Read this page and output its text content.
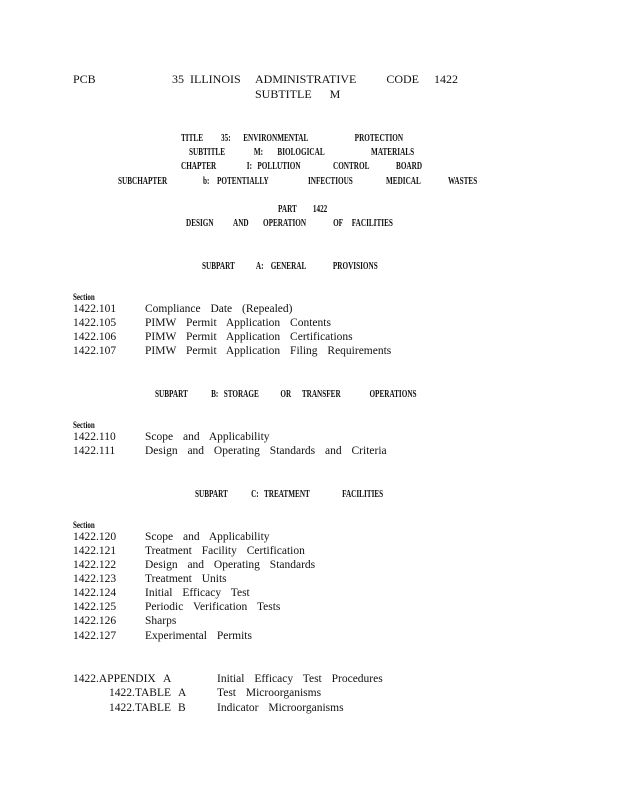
PCB	35  ILLINOIS     ADMINISTRATIVE          CODE     1422
SUBTITLE      M
TITLE          35:       ENVIRONMENTAL                          PROTECTION
SUBTITLE                M:        BIOLOGICAL                          MATERIALS
CHAPTER                 I:   POLLUTION                  CONTROL               BOARD
SUBCHAPTER	b: POTENTIALLY	INFECTIOUS	MEDICAL	WASTES
PART         1422
DESIGN           AND        OPERATION               OF     FACILITIES
SUBPART            A:    GENERAL               PROVISIONS
Section
1422.101	Compliance Date (Repealed)
1422.105	PIMW Permit Application Contents
1422.106	PIMW Permit Application Certifications
1422.107	PIMW Permit Application Filing Requirements
SUBPART             B:   STORAGE            OR      TRANSFER                OPERATIONS
Section
1422.110	Scope and Applicability
1422.111	Design and Operating Standards and Criteria
SUBPART             C:   TREATMENT                  FACILITIES
Section
1422.120	Scope and Applicability
1422.121	Treatment Facility Certification
1422.122	Design and Operating Standards
1422.123	Treatment Units
1422.124	Initial Efficacy Test
1422.125	Periodic Verification Tests
1422.126	Sharps
1422.127	Experimental Permits
1422.APPENDIX A	Initial Efficacy Test Procedures
1422.TABLE A	Test Microorganisms
1422.TABLE B	Indicator Microorganisms
